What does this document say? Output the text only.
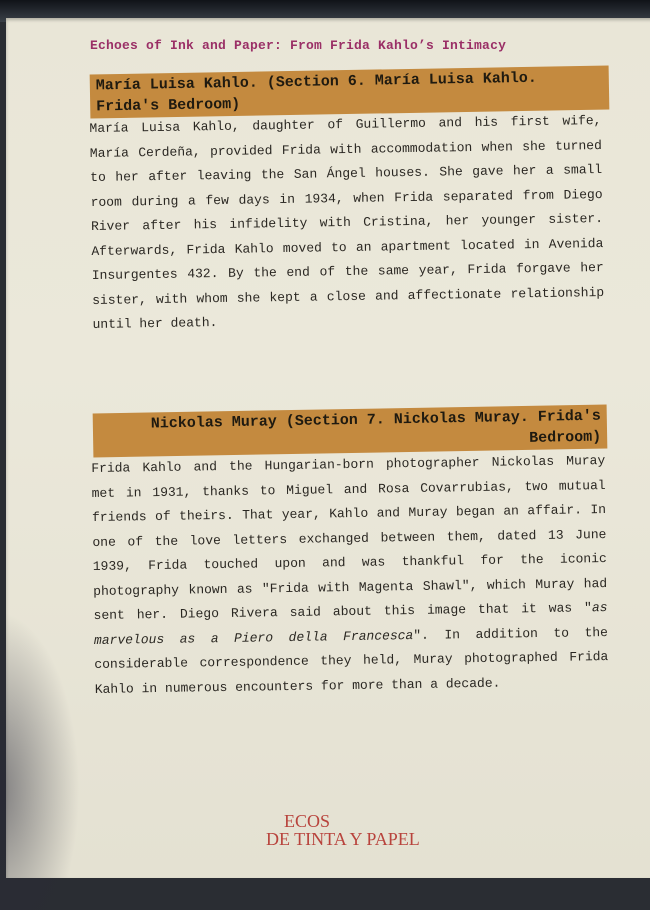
Echoes of Ink and Paper: From Frida Kahlo’s Intimacy
María Luisa Kahlo. (Section 6. María Luisa Kahlo. Frida's Bedroom)

María Luisa Kahlo, daughter of Guillermo and his first wife, María Cerdeña, provided Frida with accommodation when she turned to her after leaving the San Ángel houses. She gave her a small room during a few days in 1934, when Frida separated from Diego River after his infidelity with Cristina, her younger sister. Afterwards, Frida Kahlo moved to an apartment located in Avenida Insurgentes 432. By the end of the same year, Frida forgave her sister, with whom she kept a close and affectionate relationship until her death.

Nickolas Muray (Section 7. Nickolas Muray. Frida's Bedroom)

Frida Kahlo and the Hungarian-born photographer Nickolas Muray met in 1931, thanks to Miguel and Rosa Covarrubias, two mutual friends of theirs. That year, Kahlo and Muray began an affair. In one of the love letters exchanged between them, dated 13 June 1939, Frida touched upon and was thankful for the iconic photography known as "Frida with Magenta Shawl", which Muray had sent her. Diego Rivera said about this image that it was "as marvelous as a Piero della Francesca". In addition to the considerable correspondence they held, Muray photographed Frida Kahlo in numerous encounters for more than a decade.

ECOS
DE TINTA Y PAPEL
